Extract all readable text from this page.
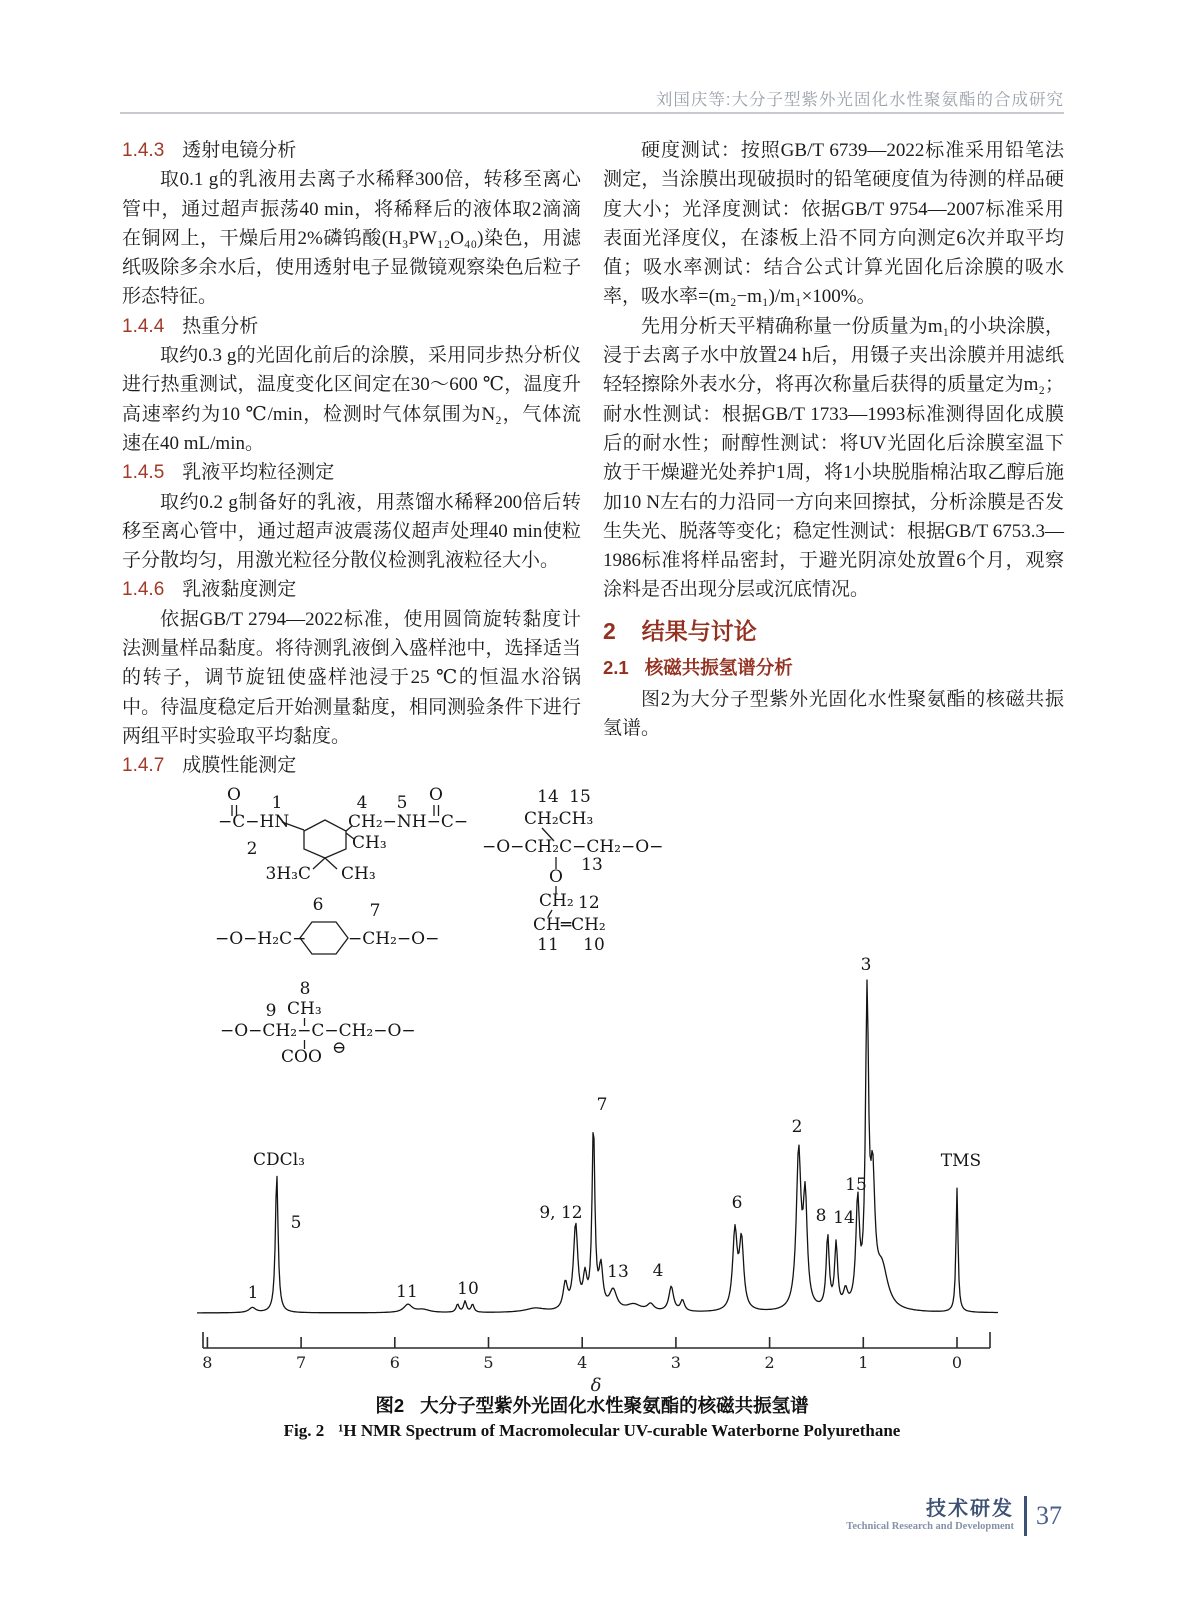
刘国庆等:大分子型紫外光固化水性聚氨酯的合成研究
1.4.3 透射电镜分析

取0.1 g的乳液用去离子水稀释300倍，转移至离心管中，通过超声振荡40 min，将稀释后的液体取2滴滴在铜网上，干燥后用2%磷钨酸(H₃PW₁₂O₄₀)染色，用滤纸吸除多余水后，使用透射电子显微镜观察染色后粒子形态特征。

1.4.4 热重分析

取约0.3 g的光固化前后的涂膜，采用同步热分析仪进行热重测试，温度变化区间定在30～600 ℃，温度升高速率约为10 ℃/min，检测时气体氛围为N₂，气体流速在40 mL/min。

1.4.5 乳液平均粒径测定

取约0.2 g制备好的乳液，用蒸馏水稀释200倍后转移至离心管中，通过超声波震荡仪超声处理40 min使粒子分散均匀，用激光粒径分散仪检测乳液粒径大小。

1.4.6 乳液黏度测定

依据GB/T 2794—2022标准，使用圆筒旋转黏度计法测量样品黏度。将待测乳液倒入盛样池中，选择适当的转子，调节旋钮使盛样池浸于25 ℃的恒温水浴锅中。待温度稳定后开始测量黏度，相同测验条件下进行两组平时实验取平均黏度。

1.4.7 成膜性能测定

硬度测试：按照GB/T 6739—2022标准采用铅笔法测定，当涂膜出现破损时的铅笔硬度值为待测的样品硬度大小；光泽度测试：依据GB/T 9754—2007标准采用表面光泽度仪，在漆板上沿不同方向测定6次并取平均值；吸水率测试：结合公式计算光固化后涂膜的吸水率，吸水率=(m₂−m₁)/m₁×100%。

先用分析天平精确称量一份质量为m₁的小块涂膜，浸于去离子水中放置24 h后，用镊子夹出涂膜并用滤纸轻轻擦除外表水分，将再次称量后获得的质量定为m₂；耐水性测试：根据GB/T 1733—1993标准测得固化成膜后的耐水性；耐醇性测试：将UV光固化后涂膜室温下放于干燥避光处养护1周，将1小块脱脂棉沾取乙醇后施加10 N左右的力沿同一方向来回擦拭，分析涂膜是否发生失光、脱落等变化；稳定性测试：根据GB/T 6753.3—1986标准将样品密封，于避光阴凉处放置6个月，观察涂料是否出现分层或沉底情况。

2 结果与讨论
2.1 核磁共振氢谱分析

图2为大分子型紫外光固化水性聚氨酯的核磁共振氢谱。

O 1
−C−HN
4 5 O
CH₂−NH−C−
CH₃
2
3H₃C CH₃
6	7
−O−H₂C− −CH₂−O−
8
9 CH₃
−O−CH₂−C−CH₂−O−
COO ⊖
14 15
CH₂CH₃
−O−CH₂C−CH₂−O−
13
O
CH₂ 12
CH═CH₂
11 10
8	7	6	5	4	3	2	1	0
δ
1
CDCl₃
5
11 10
9, 12
7
13 4
6
2
8 14
15
3
TMS
图2 大分子型紫外光固化水性聚氨酯的核磁共振氢谱
Fig. 2 ¹H NMR Spectrum of Macromolecular UV-curable Waterborne Polyurethane
技术研发
Technical Research and Development 37
